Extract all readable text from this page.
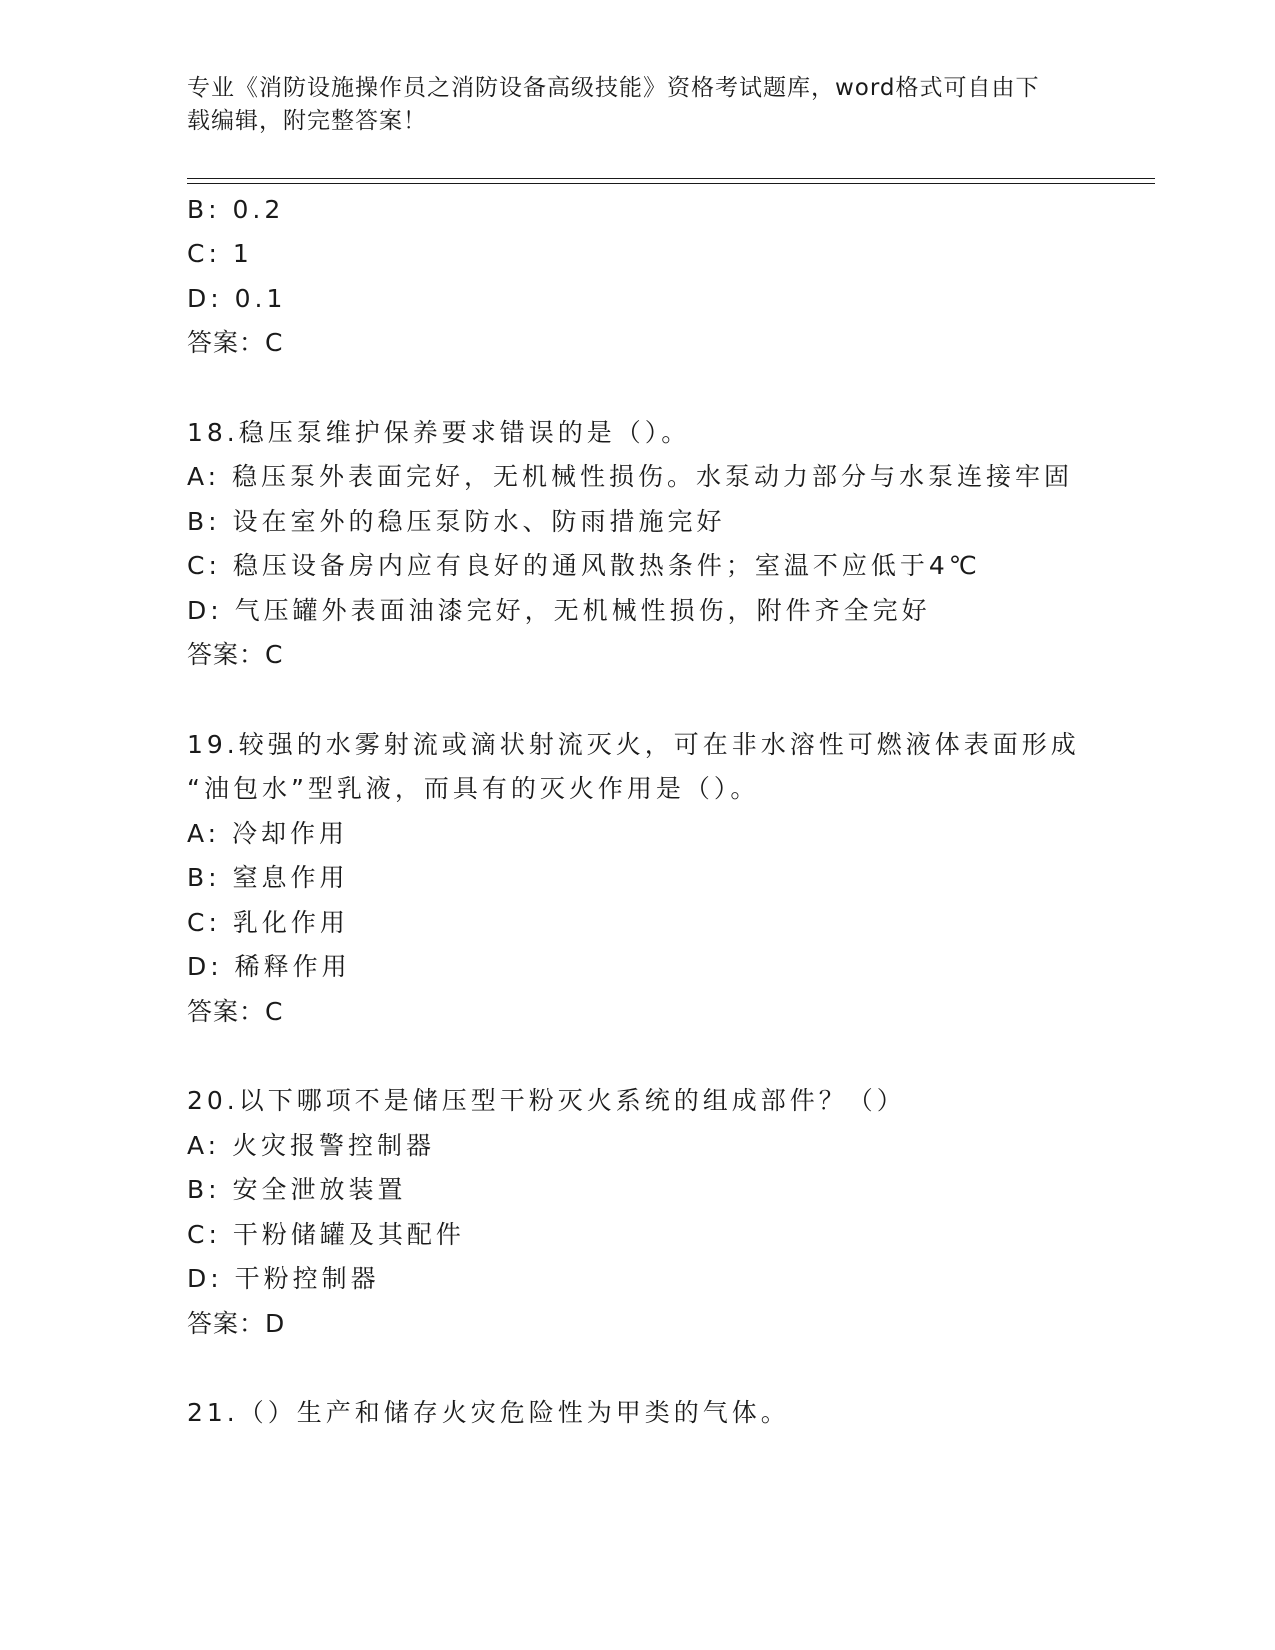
专业《消防设施操作员之消防设备高级技能》资格考试题库，word格式可自由下
载编辑，附完整答案！
B: 0.2
C: 1
D: 0.1
答案：C
18.稳压泵维护保养要求错误的是（）。
A: 稳压泵外表面完好，无机械性损伤。水泵动力部分与水泵连接牢固
B: 设在室外的稳压泵防水、防雨措施完好
C: 稳压设备房内应有良好的通风散热条件；室温不应低于4℃
D: 气压罐外表面油漆完好，无机械性损伤，附件齐全完好
答案：C
19.较强的水雾射流或滴状射流灭火，可在非水溶性可燃液体表面形成
“油包水”型乳液，而具有的灭火作用是（）。
A: 冷却作用
B: 窒息作用
C: 乳化作用
D: 稀释作用
答案：C
20.以下哪项不是储压型干粉灭火系统的组成部件？（）
A: 火灾报警控制器
B: 安全泄放装置
C: 干粉储罐及其配件
D: 干粉控制器
答案：D
21.（）生产和储存火灾危险性为甲类的气体。
